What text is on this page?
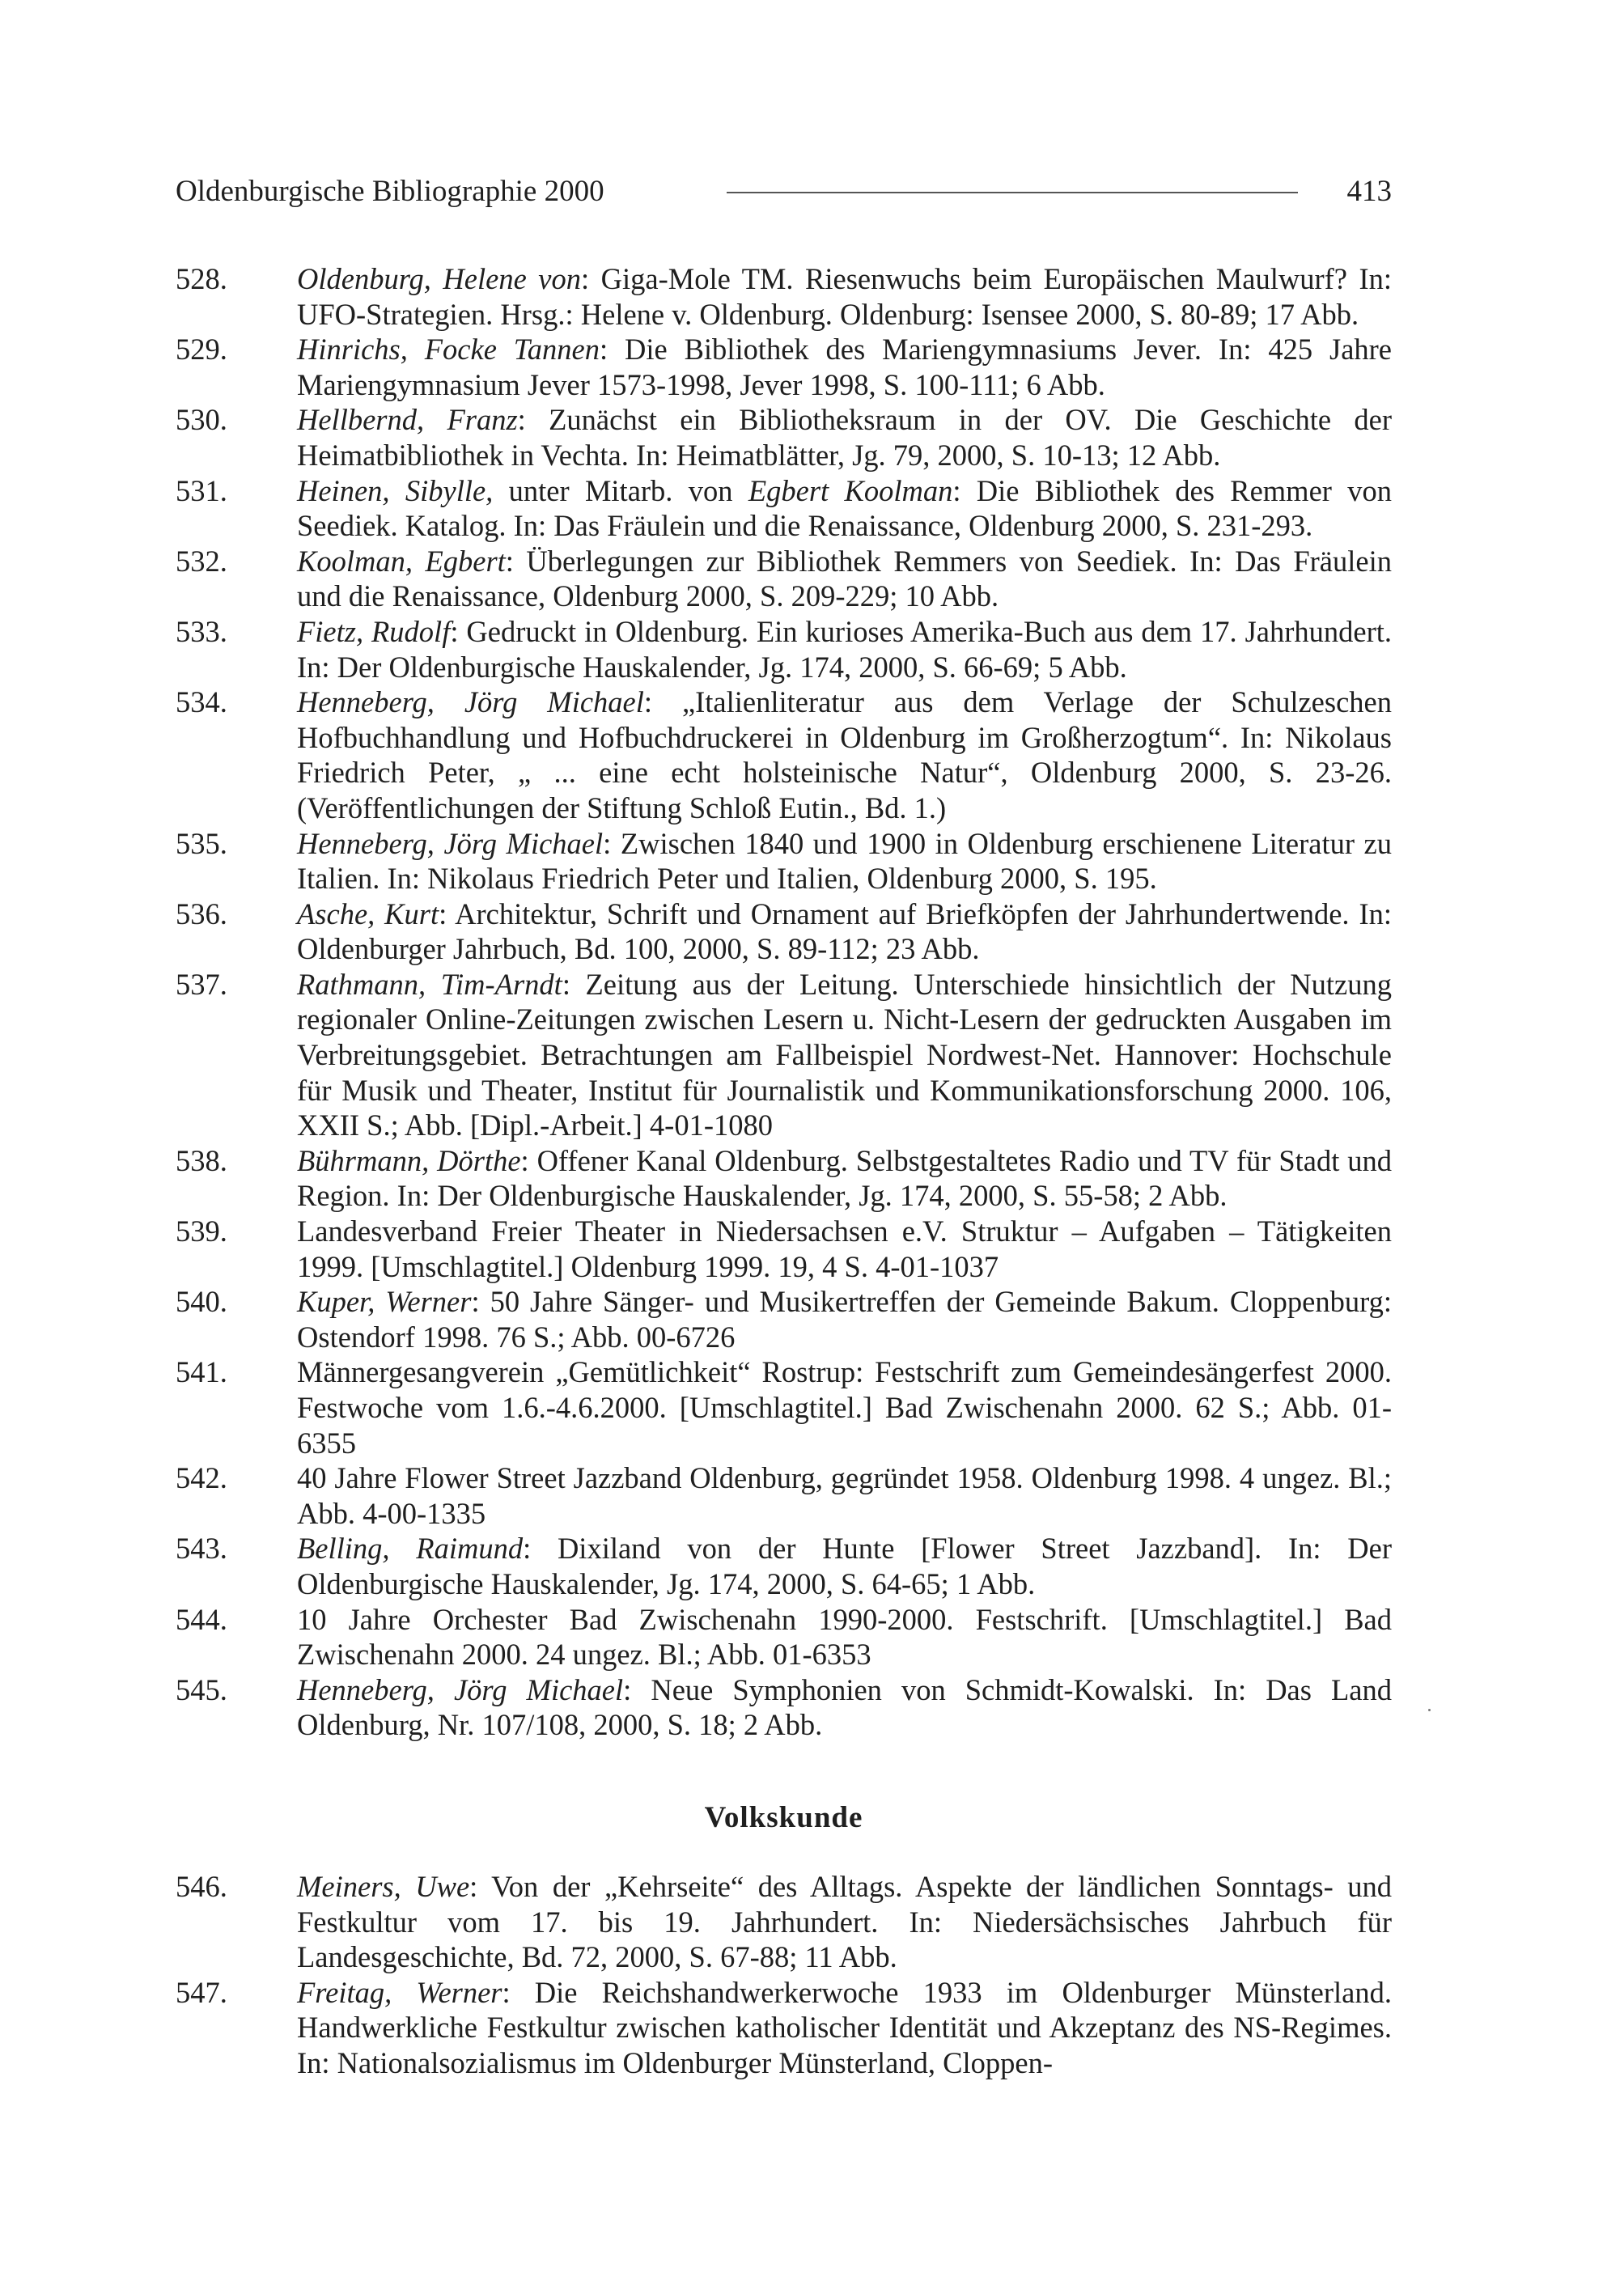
Oldenburgische Bibliographie 2000	413
528. Oldenburg, Helene von: Giga-Mole TM. Riesenwuchs beim Europäischen Maulwurf? In: UFO-Strategien. Hrsg.: Helene v. Oldenburg. Oldenburg: Isensee 2000, S. 80-89; 17 Abb.
529. Hinrichs, Focke Tannen: Die Bibliothek des Mariengymnasiums Jever. In: 425 Jahre Mariengymnasium Jever 1573-1998, Jever 1998, S. 100-111; 6 Abb.
530. Hellbernd, Franz: Zunächst ein Bibliotheksraum in der OV. Die Geschichte der Heimatbibliothek in Vechta. In: Heimatblätter, Jg. 79, 2000, S. 10-13; 12 Abb.
531. Heinen, Sibylle, unter Mitarb. von Egbert Koolman: Die Bibliothek des Remmer von Seediek. Katalog. In: Das Fräulein und die Renaissance, Oldenburg 2000, S. 231-293.
532. Koolman, Egbert: Überlegungen zur Bibliothek Remmers von Seediek. In: Das Fräulein und die Renaissance, Oldenburg 2000, S. 209-229; 10 Abb.
533. Fietz, Rudolf: Gedruckt in Oldenburg. Ein kurioses Amerika-Buch aus dem 17. Jahrhundert. In: Der Oldenburgische Hauskalender, Jg. 174, 2000, S. 66-69; 5 Abb.
534. Henneberg, Jörg Michael: „Italienliteratur aus dem Verlage der Schulzeschen Hofbuchhandlung und Hofbuchdruckerei in Oldenburg im Großherzogtum“. In: Nikolaus Friedrich Peter, „ ... eine echt holsteinische Natur“, Oldenburg 2000, S. 23-26. (Veröffentlichungen der Stiftung Schloß Eutin., Bd. 1.)
535. Henneberg, Jörg Michael: Zwischen 1840 und 1900 in Oldenburg erschienene Literatur zu Italien. In: Nikolaus Friedrich Peter und Italien, Oldenburg 2000, S. 195.
536. Asche, Kurt: Architektur, Schrift und Ornament auf Briefköpfen der Jahrhundertwende. In: Oldenburger Jahrbuch, Bd. 100, 2000, S. 89-112; 23 Abb.
537. Rathmann, Tim-Arndt: Zeitung aus der Leitung. Unterschiede hinsichtlich der Nutzung regionaler Online-Zeitungen zwischen Lesern u. Nicht-Lesern der gedruckten Ausgaben im Verbreitungsgebiet. Betrachtungen am Fallbeispiel Nordwest-Net. Hannover: Hochschule für Musik und Theater, Institut für Journalistik und Kommunikationsforschung 2000. 106, XXII S.; Abb. [Dipl.-Arbeit.] 4-01-1080
538. Bührmann, Dörthe: Offener Kanal Oldenburg. Selbstgestaltetes Radio und TV für Stadt und Region. In: Der Oldenburgische Hauskalender, Jg. 174, 2000, S. 55-58; 2 Abb.
539. Landesverband Freier Theater in Niedersachsen e.V. Struktur – Aufgaben – Tätigkeiten 1999. [Umschlagtitel.] Oldenburg 1999. 19, 4 S. 4-01-1037
540. Kuper, Werner: 50 Jahre Sänger- und Musikertreffen der Gemeinde Bakum. Cloppenburg: Ostendorf 1998. 76 S.; Abb. 00-6726
541. Männergesangverein „Gemütlichkeit“ Rostrup: Festschrift zum Gemeindesängerfest 2000. Festwoche vom 1.6.-4.6.2000. [Umschlagtitel.] Bad Zwischenahn 2000. 62 S.; Abb. 01-6355
542. 40 Jahre Flower Street Jazzband Oldenburg, gegründet 1958. Oldenburg 1998. 4 ungez. Bl.; Abb. 4-00-1335
543. Belling, Raimund: Dixiland von der Hunte [Flower Street Jazzband]. In: Der Oldenburgische Hauskalender, Jg. 174, 2000, S. 64-65; 1 Abb.
544. 10 Jahre Orchester Bad Zwischenahn 1990-2000. Festschrift. [Umschlagtitel.] Bad Zwischenahn 2000. 24 ungez. Bl.; Abb. 01-6353
545. Henneberg, Jörg Michael: Neue Symphonien von Schmidt-Kowalski. In: Das Land Oldenburg, Nr. 107/108, 2000, S. 18; 2 Abb.
Volkskunde
546. Meiners, Uwe: Von der „Kehrseite“ des Alltags. Aspekte der ländlichen Sonntags- und Festkultur vom 17. bis 19. Jahrhundert. In: Niedersächsisches Jahrbuch für Landesgeschichte, Bd. 72, 2000, S. 67-88; 11 Abb.
547. Freitag, Werner: Die Reichshandwerkerwoche 1933 im Oldenburger Münsterland. Handwerkliche Festkultur zwischen katholischer Identität und Akzeptanz des NS-Regimes. In: Nationalsozialismus im Oldenburger Münsterland, Cloppen-
